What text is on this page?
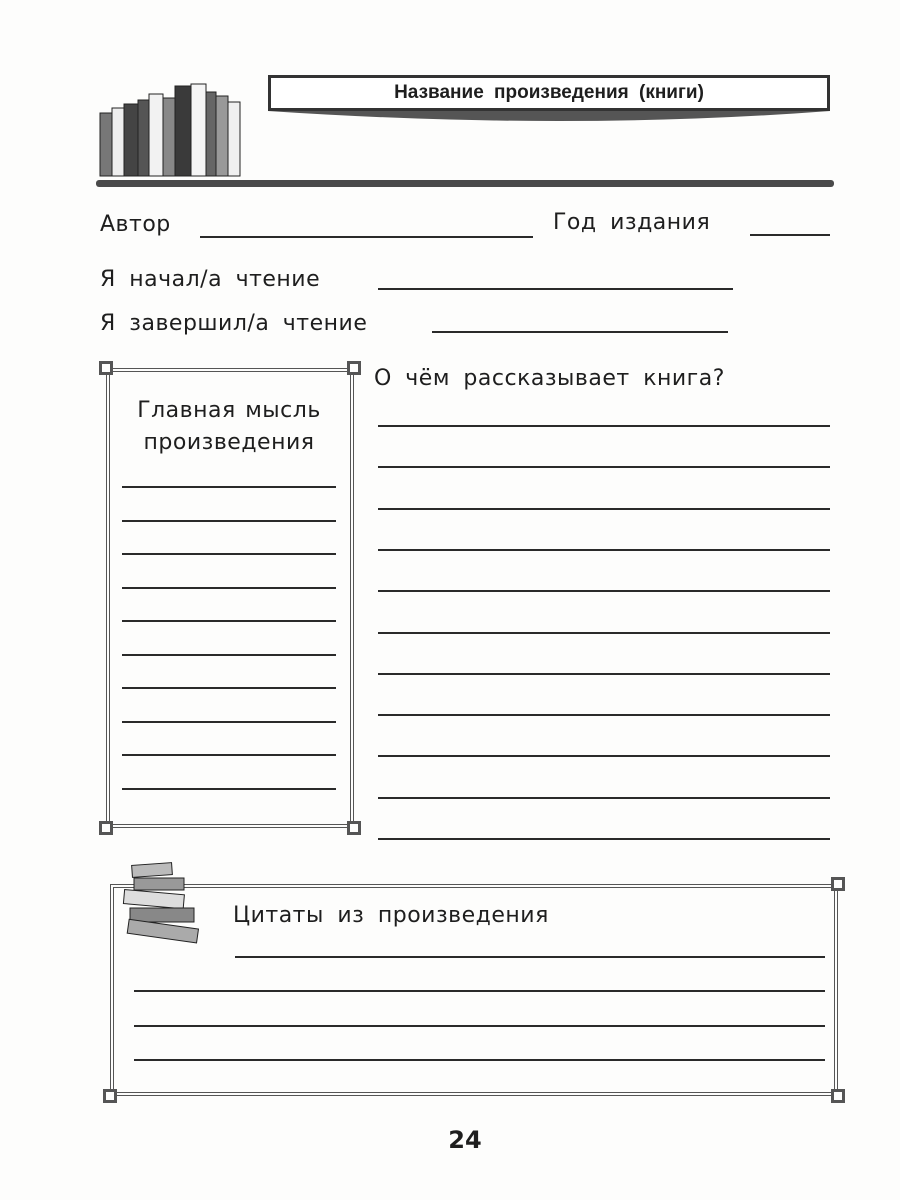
Название произведения (книги)
Автор	Год издания
Я начал/а чтение
Я завершил/а чтение
Главная мысль
произведения
О чём рассказывает книга?
Цитаты из произведения
24
